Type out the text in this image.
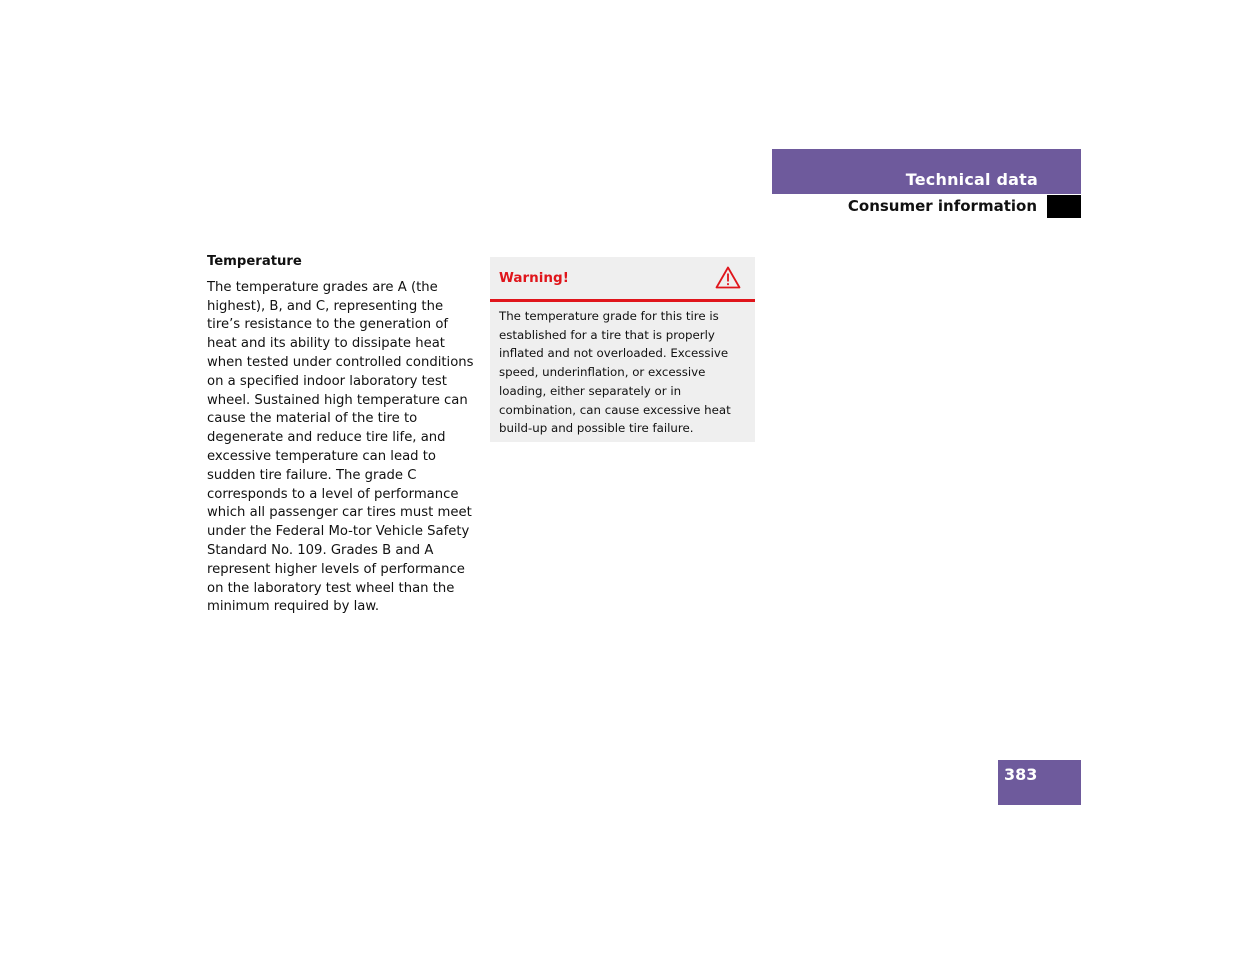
Technical data
Consumer information

Temperature

The temperature grades are A (the highest), B, and C, representing the tire’s resistance to the generation of heat and its ability to dissipate heat when tested under controlled conditions on a specified indoor laboratory test wheel. Sustained high temperature can cause the material of the tire to degenerate and reduce tire life, and excessive temperature can lead to sudden tire failure. The grade C corresponds to a level of performance which all passenger car tires must meet under the Federal Mo-tor Vehicle Safety Standard No. 109. Grades B and A represent higher levels of performance on the laboratory test wheel than the minimum required by law.

Warning!

The temperature grade for this tire is established for a tire that is properly inflated and not overloaded. Excessive speed, underinflation, or excessive loading, either separately or in combination, can cause excessive heat build-up and possible tire failure.

383
